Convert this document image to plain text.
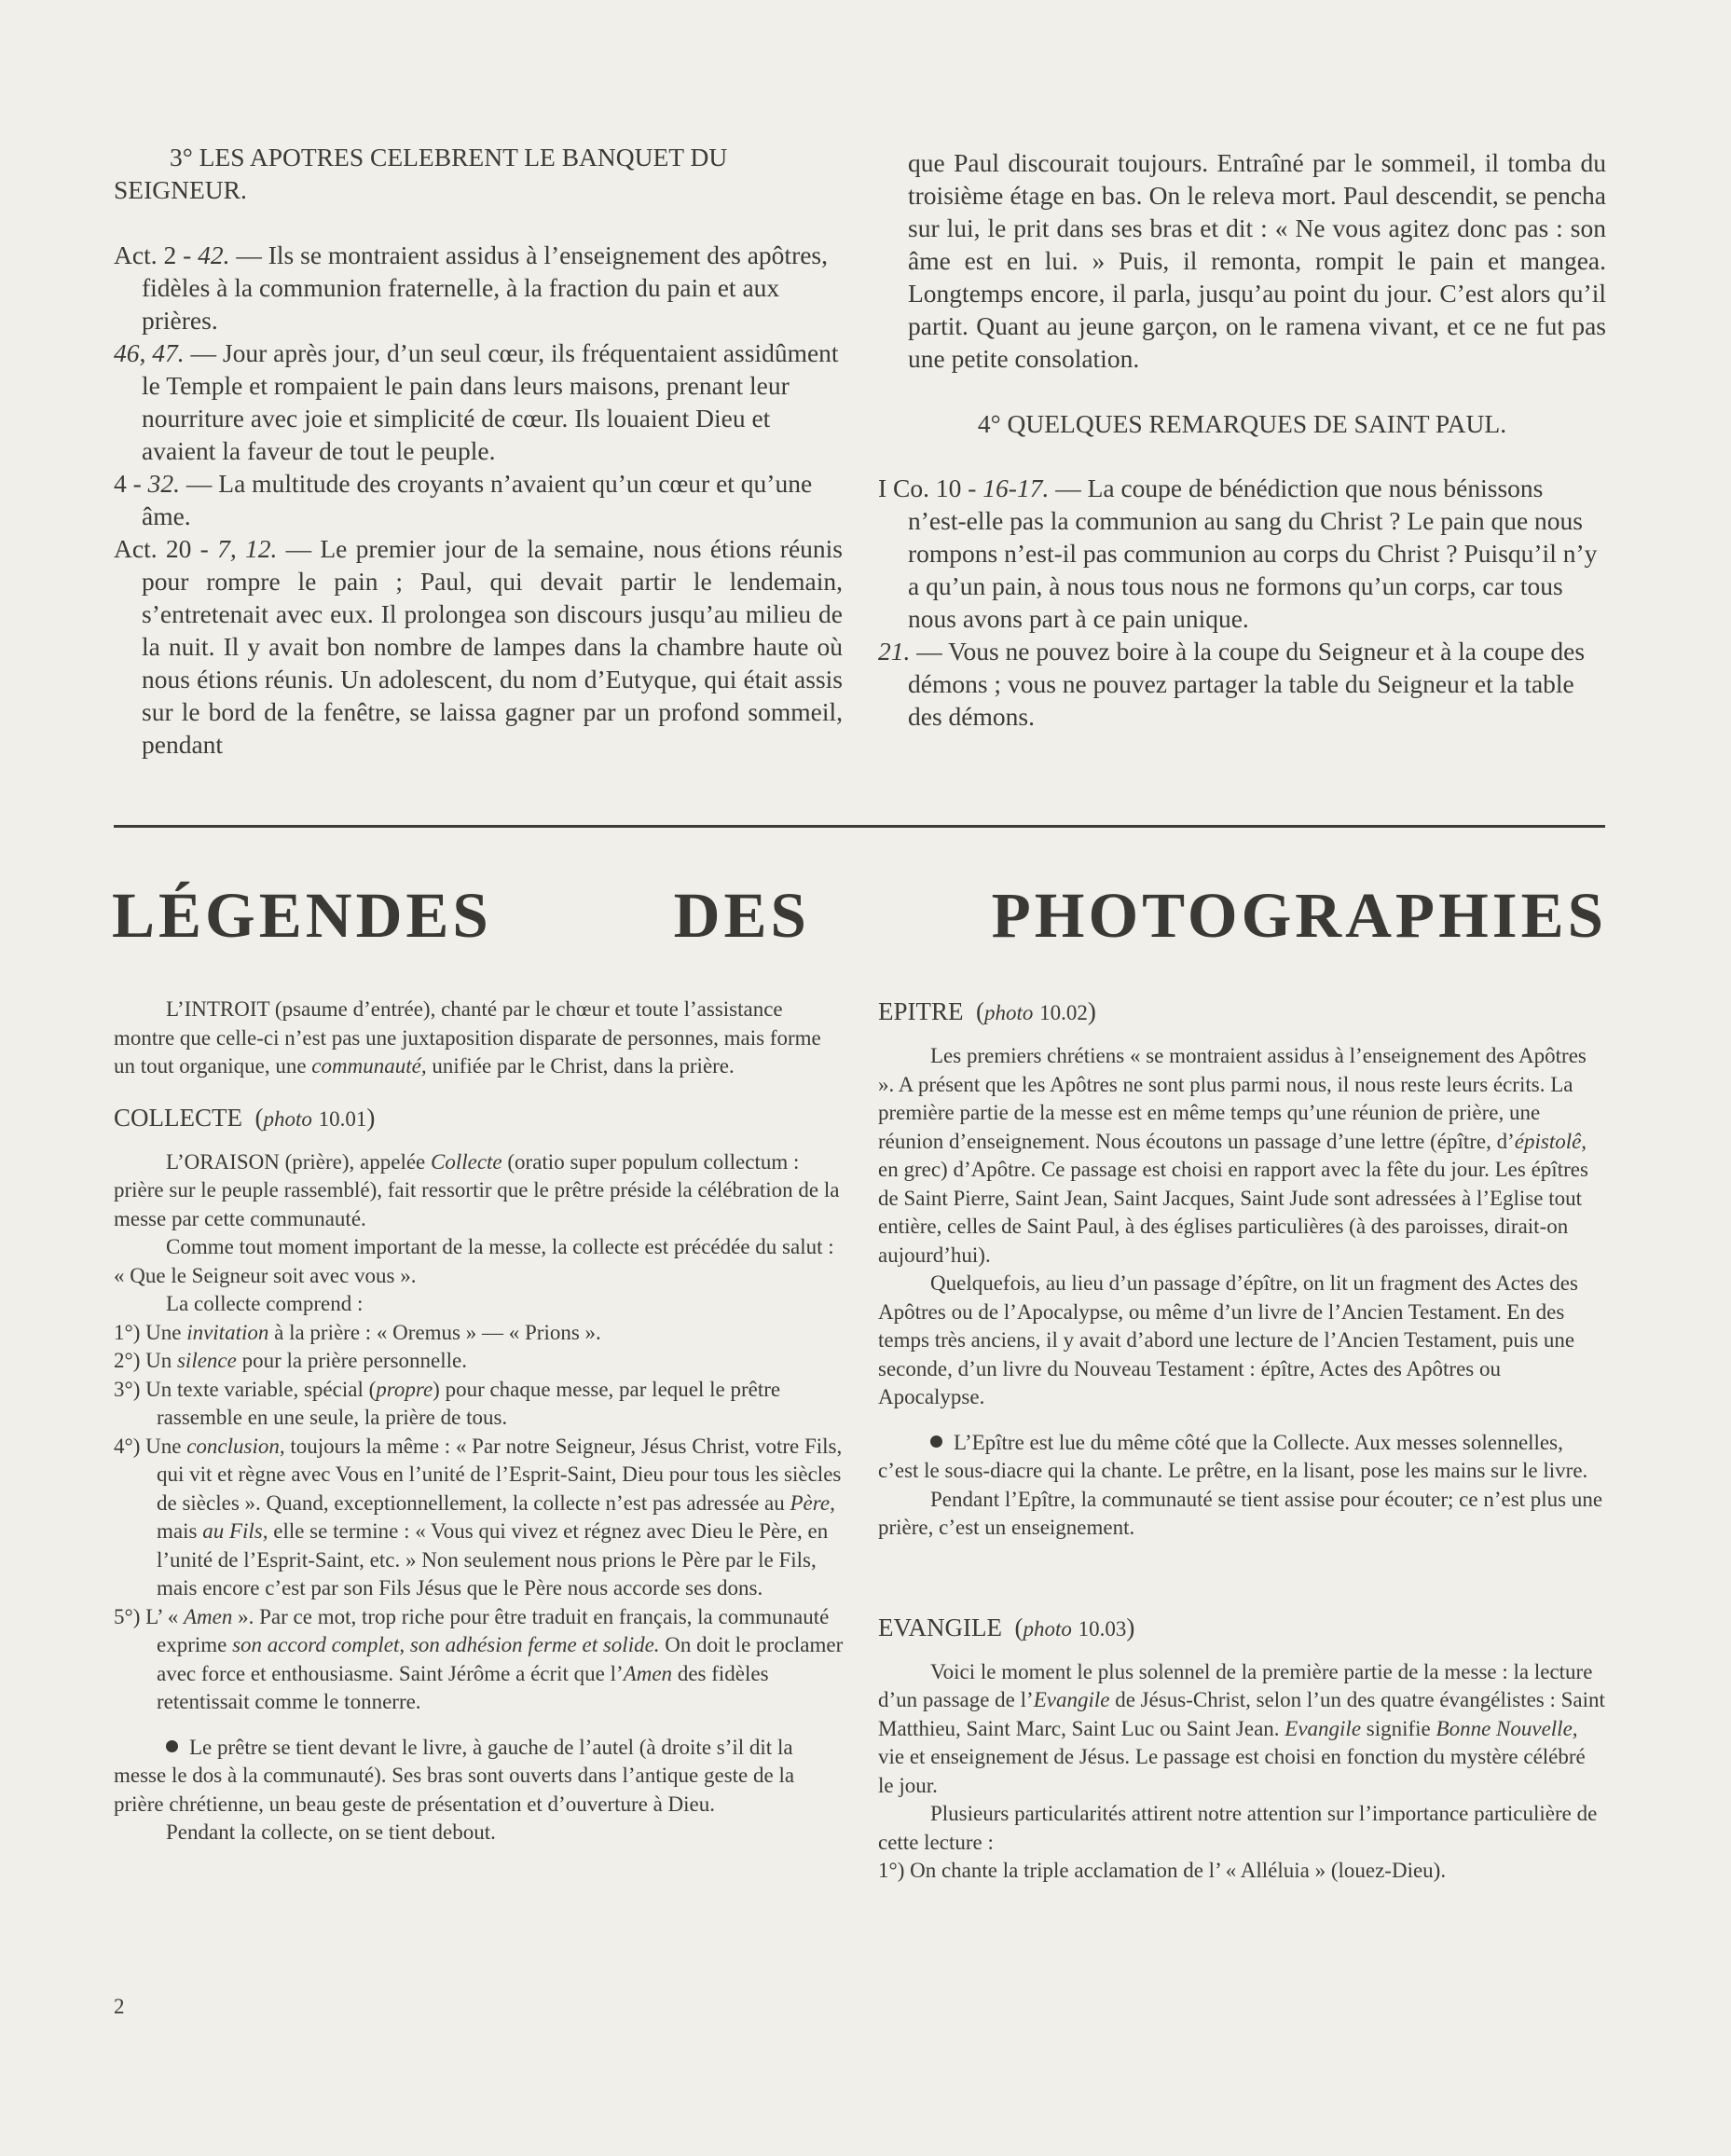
3° LES APOTRES CELEBRENT LE BANQUET DU SEIGNEUR.

Act. 2 - 42. — Ils se montraient assidus à l’enseignement des apôtres, fidèles à la communion fraternelle, à la fraction du pain et aux prières.

46, 47. — Jour après jour, d’un seul cœur, ils fréquentaient assidûment le Temple et rompaient le pain dans leurs maisons, prenant leur nourriture avec joie et simplicité de cœur. Ils louaient Dieu et avaient la faveur de tout le peuple.

4 - 32. — La multitude des croyants n’avaient qu’un cœur et qu’une âme.

Act. 20 - 7, 12. — Le premier jour de la semaine, nous étions réunis pour rompre le pain ; Paul, qui devait partir le lendemain, s’entretenait avec eux. Il prolongea son discours jusqu’au milieu de la nuit. Il y avait bon nombre de lampes dans la chambre haute où nous étions réunis. Un adolescent, du nom d’Eutyque, qui était assis sur le bord de la fenêtre, se laissa gagner par un profond sommeil, pendant

que Paul discourait toujours. Entraîné par le sommeil, il tomba du troisième étage en bas. On le releva mort. Paul descendit, se pencha sur lui, le prit dans ses bras et dit : « Ne vous agitez donc pas : son âme est en lui. » Puis, il remonta, rompit le pain et mangea. Longtemps encore, il parla, jusqu’au point du jour. C’est alors qu’il partit. Quant au jeune garçon, on le ramena vivant, et ce ne fut pas une petite consolation.

4° QUELQUES REMARQUES DE SAINT PAUL.

I Co. 10 - 16-17. — La coupe de bénédiction que nous bénissons n’est-elle pas la communion au sang du Christ ? Le pain que nous rompons n’est-il pas communion au corps du Christ ? Puisqu’il n’y a qu’un pain, à nous tous nous ne formons qu’un corps, car tous nous avons part à ce pain unique.

21. — Vous ne pouvez boire à la coupe du Seigneur et à la coupe des démons ; vous ne pouvez partager la table du Seigneur et la table des démons.

LÉGENDES DES PHOTOGRAPHIES

L’INTROIT (psaume d’entrée), chanté par le chœur et toute l’assistance montre que celle-ci n’est pas une juxtaposition disparate de personnes, mais forme un tout organique, une communauté, unifiée par le Christ, dans la prière.

COLLECTE  (photo 10.01)

L’ORAISON (prière), appelée Collecte (oratio super populum collectum : prière sur le peuple rassemblé), fait ressortir que le prêtre préside la célébration de la messe par cette communauté.

Comme tout moment important de la messe, la collecte est précédée du salut : « Que le Seigneur soit avec vous ».

La collecte comprend :

1°) Une invitation à la prière : « Oremus » — « Prions ».

2°) Un silence pour la prière personnelle.

3°) Un texte variable, spécial (propre) pour chaque messe, par lequel le prêtre rassemble en une seule, la prière de tous.

4°) Une conclusion, toujours la même : « Par notre Seigneur, Jésus Christ, votre Fils, qui vit et règne avec Vous en l’unité de l’Esprit-Saint, Dieu pour tous les siècles de siècles ». Quand, exceptionnellement, la collecte n’est pas adressée au Père, mais au Fils, elle se termine : « Vous qui vivez et régnez avec Dieu le Père, en l’unité de l’Esprit-Saint, etc. » Non seulement nous prions le Père par le Fils, mais encore c’est par son Fils Jésus que le Père nous accorde ses dons.

5°) L’ « Amen ». Par ce mot, trop riche pour être traduit en français, la communauté exprime son accord complet, son adhésion ferme et solide. On doit le proclamer avec force et enthousiasme. Saint Jérôme a écrit que l’Amen des fidèles retentissait comme le tonnerre.

Le prêtre se tient devant le livre, à gauche de l’autel (à droite s’il dit la messe le dos à la communauté). Ses bras sont ouverts dans l’antique geste de la prière chrétienne, un beau geste de présentation et d’ouverture à Dieu.

Pendant la collecte, on se tient debout.

EPITRE  (photo 10.02)

Les premiers chrétiens « se montraient assidus à l’enseignement des Apôtres ». A présent que les Apôtres ne sont plus parmi nous, il nous reste leurs écrits. La première partie de la messe est en même temps qu’une réunion de prière, une réunion d’enseignement. Nous écoutons un passage d’une lettre (épître, d’épistolê, en grec) d’Apôtre. Ce passage est choisi en rapport avec la fête du jour. Les épîtres de Saint Pierre, Saint Jean, Saint Jacques, Saint Jude sont adressées à l’Eglise tout entière, celles de Saint Paul, à des églises particulières (à des paroisses, dirait-on aujourd’hui).

Quelquefois, au lieu d’un passage d’épître, on lit un fragment des Actes des Apôtres ou de l’Apocalypse, ou même d’un livre de l’Ancien Testament. En des temps très anciens, il y avait d’abord une lecture de l’Ancien Testament, puis une seconde, d’un livre du Nouveau Testament : épître, Actes des Apôtres ou Apocalypse.

L’Epître est lue du même côté que la Collecte. Aux messes solennelles, c’est le sous-diacre qui la chante. Le prêtre, en la lisant, pose les mains sur le livre.

Pendant l’Epître, la communauté se tient assise pour écouter; ce n’est plus une prière, c’est un enseignement.

EVANGILE  (photo 10.03)

Voici le moment le plus solennel de la première partie de la messe : la lecture d’un passage de l’Evangile de Jésus-Christ, selon l’un des quatre évangélistes : Saint Matthieu, Saint Marc, Saint Luc ou Saint Jean. Evangile signifie Bonne Nouvelle, vie et enseignement de Jésus. Le passage est choisi en fonction du mystère célébré le jour.

Plusieurs particularités attirent notre attention sur l’importance particulière de cette lecture :

1°) On chante la triple acclamation de l’ « Alléluia » (louez-Dieu).

2
